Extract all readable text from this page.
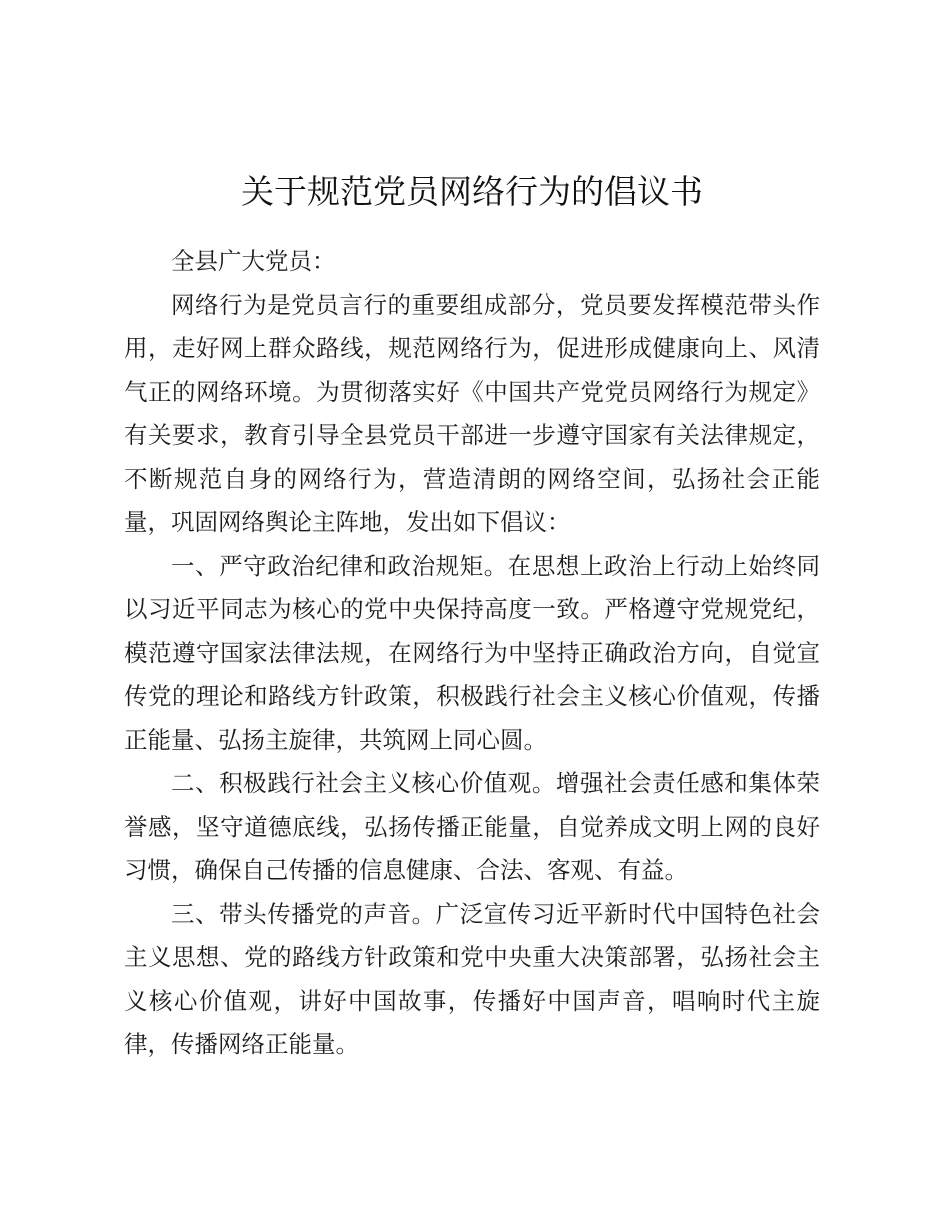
关于规范党员网络行为的倡议书

全县广大党员：

网络行为是党员言行的重要组成部分，党员要发挥模范带头作用，走好网上群众路线，规范网络行为，促进形成健康向上、风清气正的网络环境。为贯彻落实好《中国共产党党员网络行为规定》有关要求，教育引导全县党员干部进一步遵守国家有关法律规定，不断规范自身的网络行为，营造清朗的网络空间，弘扬社会正能量，巩固网络舆论主阵地，发出如下倡议：

一、严守政治纪律和政治规矩。在思想上政治上行动上始终同以习近平同志为核心的党中央保持高度一致。严格遵守党规党纪，模范遵守国家法律法规，在网络行为中坚持正确政治方向，自觉宣传党的理论和路线方针政策，积极践行社会主义核心价值观，传播正能量、弘扬主旋律，共筑网上同心圆。

二、积极践行社会主义核心价值观。增强社会责任感和集体荣誉感，坚守道德底线，弘扬传播正能量，自觉养成文明上网的良好习惯，确保自己传播的信息健康、合法、客观、有益。

三、带头传播党的声音。广泛宣传习近平新时代中国特色社会主义思想、党的路线方针政策和党中央重大决策部署，弘扬社会主义核心价值观，讲好中国故事，传播好中国声音，唱响时代主旋律，传播网络正能量。
